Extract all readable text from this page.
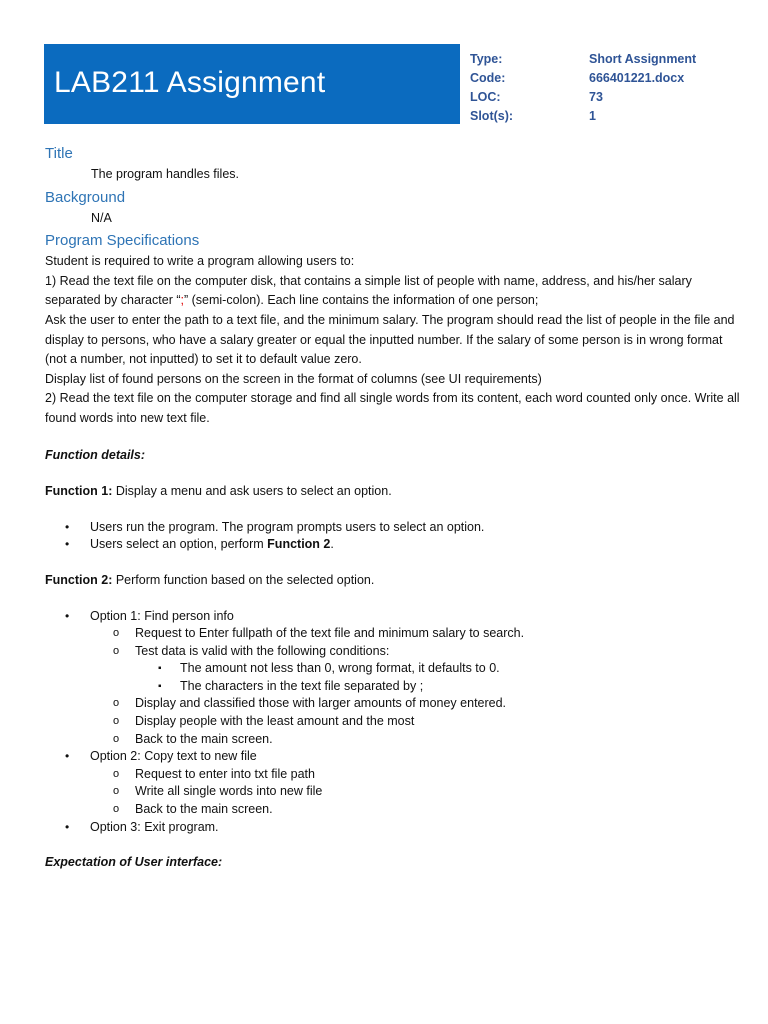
LAB211 Assignment
Type:
Code:
LOC:
Slot(s):
Short Assignment
666401221.docx
73
1
Title

The program handles files.

Background

N/A

Program Specifications

Student is required to write a program allowing users to:

1) Read the text file on the computer disk, that contains a simple list of people with name, address, and his/her salary separated by character “;” (semi-colon). Each line contains the information of one person;

Ask the user to enter the path to a text file, and the minimum salary. The program should read the list of people in the file and display to persons, who have a salary greater or equal the inputted number. If the salary of some person is in wrong format (not a number, not inputted) to set it to default value zero.

Display list of found persons on the screen in the format of columns (see UI requirements)

2) Read the text file on the computer storage and find all single words from its content, each word counted only once. Write all found words into new text file.

Function details:

Function 1: Display a menu and ask users to select an option.

• Users run the program. The program prompts users to select an option.
• Users select an option, perform Function 2.

Function 2: Perform function based on the selected option.

• Option 1: Find person info
o Request to Enter fullpath of the text file and minimum salary to search.
o Test data is valid with the following conditions:
▪ The amount not less than 0, wrong format, it defaults to 0.
▪ The characters in the text file separated by ;
o Display and classified those with larger amounts of money entered.
o Display people with the least amount and the most
o Back to the main screen.
• Option 2: Copy text to new file
o Request to enter into txt file path
o Write all single words into new file
o Back to the main screen.
• Option 3: Exit program.

Expectation of User interface:
